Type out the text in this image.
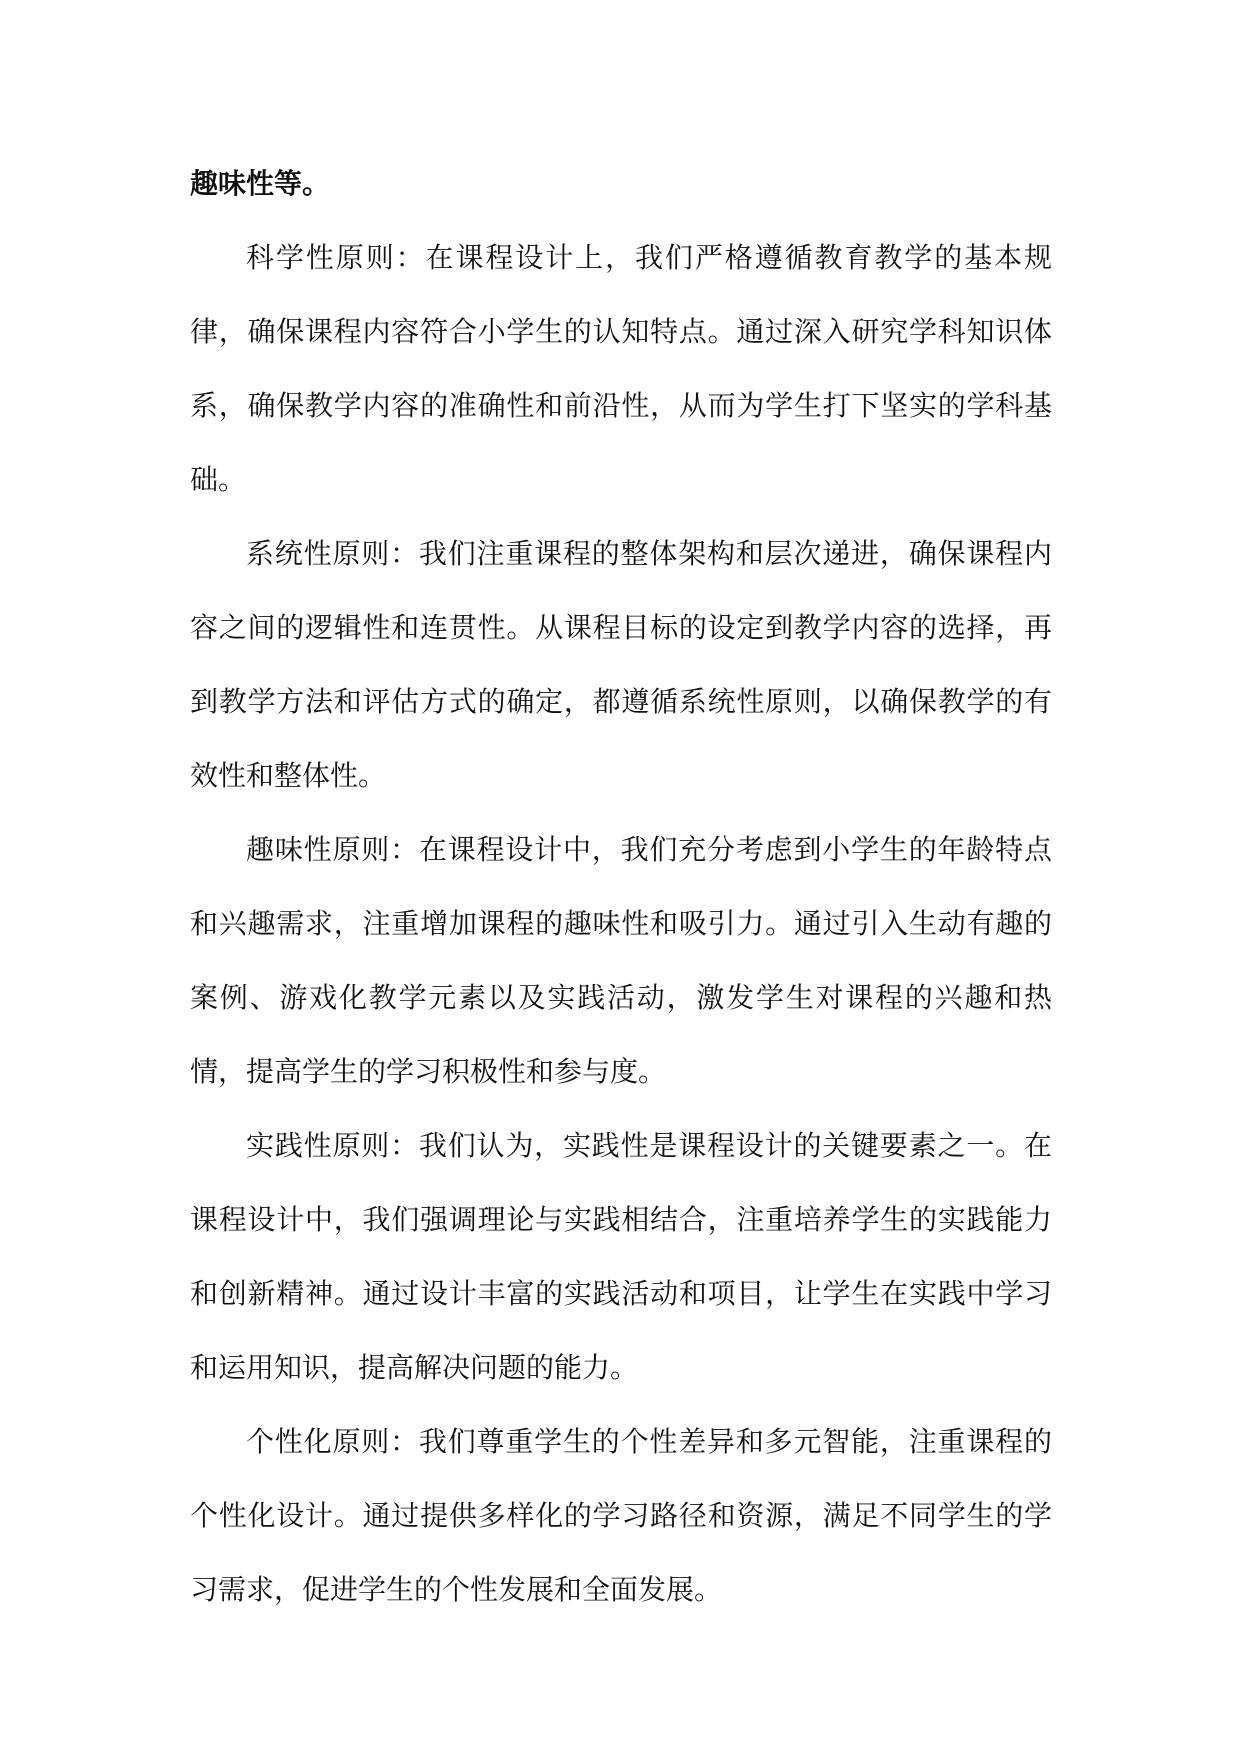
趣味性等。

科学性原则：在课程设计上，我们严格遵循教育教学的基本规律，确保课程内容符合小学生的认知特点。通过深入研究学科知识体系，确保教学内容的准确性和前沿性，从而为学生打下坚实的学科基础。

系统性原则：我们注重课程的整体架构和层次递进，确保课程内容之间的逻辑性和连贯性。从课程目标的设定到教学内容的选择，再到教学方法和评估方式的确定，都遵循系统性原则，以确保教学的有效性和整体性。

趣味性原则：在课程设计中，我们充分考虑到小学生的年龄特点和兴趣需求，注重增加课程的趣味性和吸引力。通过引入生动有趣的案例、游戏化教学元素以及实践活动，激发学生对课程的兴趣和热情，提高学生的学习积极性和参与度。

实践性原则：我们认为，实践性是课程设计的关键要素之一。在课程设计中，我们强调理论与实践相结合，注重培养学生的实践能力和创新精神。通过设计丰富的实践活动和项目，让学生在实践中学习和运用知识，提高解决问题的能力。

个性化原则：我们尊重学生的个性差异和多元智能，注重课程的个性化设计。通过提供多样化的学习路径和资源，满足不同学生的学习需求，促进学生的个性发展和全面发展。
